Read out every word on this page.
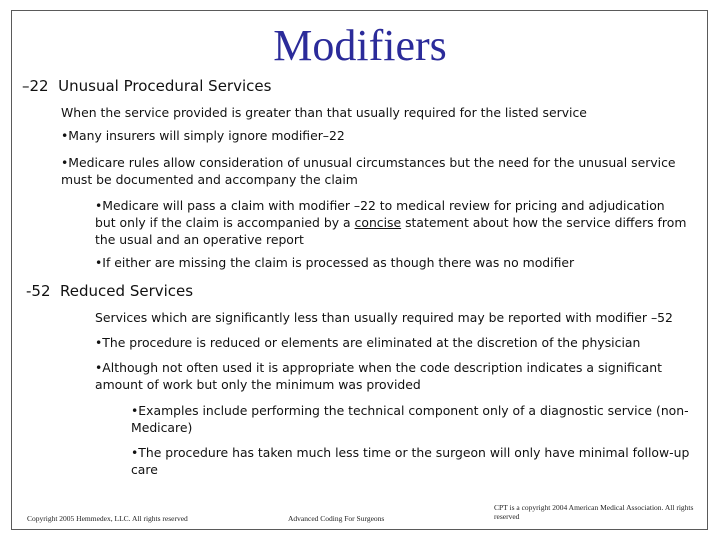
Modifiers
–22 Unusual Procedural Services
When the service provided is greater than that usually required for the listed service
•Many insurers will simply ignore modifier–22
•Medicare rules allow consideration of unusual circumstances but the need for the unusual service must be documented and accompany the claim
•Medicare will pass a claim with modifier –22 to medical review for pricing and adjudication but only if the claim is accompanied by a concise statement about how the service differs from the usual and an operative report
•If either are missing the claim is processed as though there was no modifier
-52 Reduced Services
Services which are significantly less than usually required may be reported with modifier –52
•The procedure is reduced or elements are eliminated at the discretion of the physician
•Although not often used it is appropriate when the code description indicates a significant amount of work but only the minimum was provided
•Examples include performing the technical component only of a diagnostic service (non-Medicare)
•The procedure has taken much less time or the surgeon will only have minimal follow-up care
Copyright 2005 Hemmedex, LLC. All rights reserved	Advanced Coding For Surgeons
CPT is a copyright 2004 American Medical Association. All rights reserved
